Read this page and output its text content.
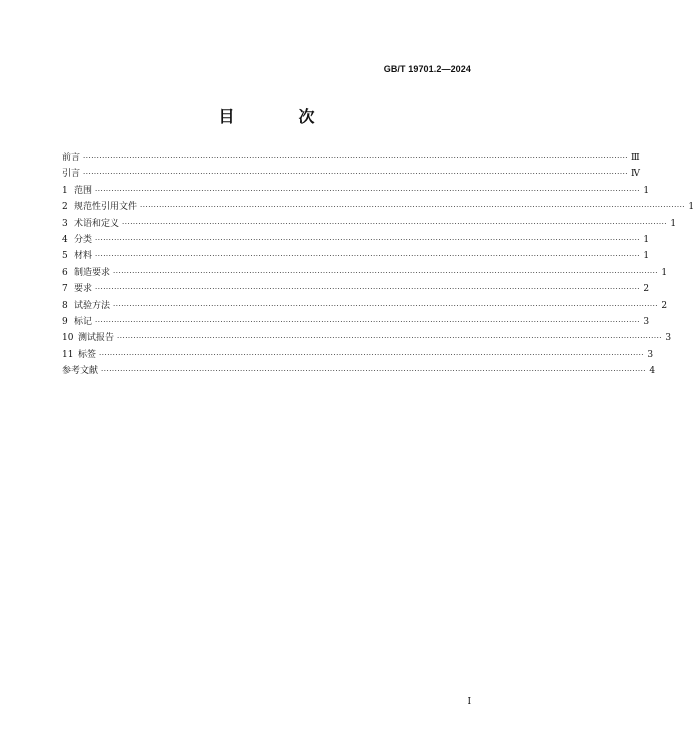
GB/T 19701.2—2024
目　次
前言 ········································································································································································································ Ⅲ
引言 ········································································································································································································ Ⅳ
1 范围 ········································································································································································································ 1
2 规范性引用文件 ········································································································································································································ 1
3 术语和定义 ········································································································································································································ 1
4 分类 ········································································································································································································ 1
5 材料 ········································································································································································································ 1
6 制造要求 ········································································································································································································ 1
7 要求 ········································································································································································································ 2
8 试验方法 ········································································································································································································ 2
9 标记 ········································································································································································································ 3
10 测试报告 ········································································································································································································ 3
11 标签 ········································································································································································································ 3
参考文献 ········································································································································································································ 4
I
